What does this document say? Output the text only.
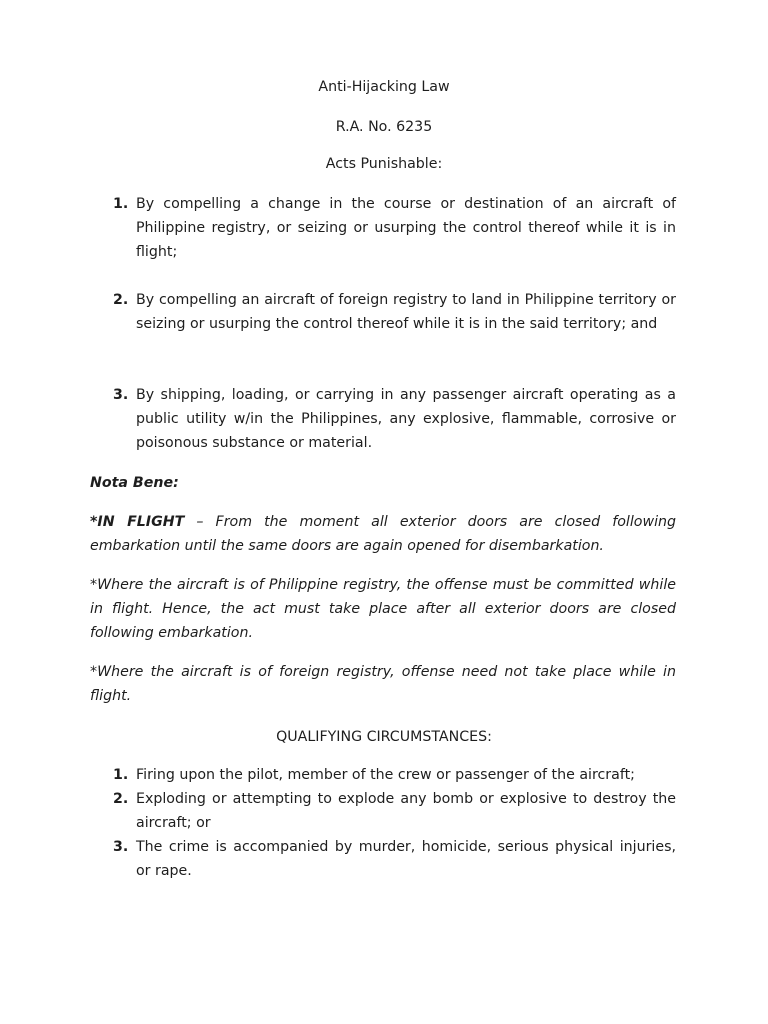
Anti-Hijacking Law
R.A. No. 6235
Acts Punishable:
1. By compelling a change in the course or destination of an aircraft of Philippine registry, or seizing or usurping the control thereof while it is in flight;
2. By compelling an aircraft of foreign registry to land in Philippine territory or seizing or usurping the control thereof while it is in the said territory; and
3. By shipping, loading, or carrying in any passenger aircraft operating as a public utility w/in the Philippines, any explosive, flammable, corrosive or poisonous substance or material.
Nota Bene:
*IN FLIGHT – From the moment all exterior doors are closed following embarkation until the same doors are again opened for disembarkation.
*Where the aircraft is of Philippine registry, the offense must be committed while in flight. Hence, the act must take place after all exterior doors are closed following embarkation.
*Where the aircraft is of foreign registry, offense need not take place while in flight.
QUALIFYING CIRCUMSTANCES:
1. Firing upon the pilot, member of the crew or passenger of the aircraft;
2. Exploding or attempting to explode any bomb or explosive to destroy the aircraft; or
3. The crime is accompanied by murder, homicide, serious physical injuries, or rape.
